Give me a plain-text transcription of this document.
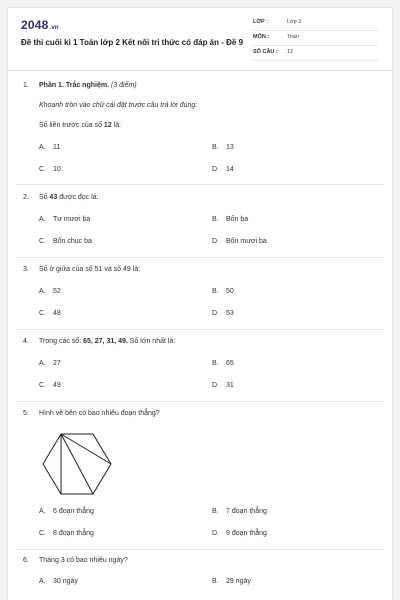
2048.vn
Đề thi cuối kì 1 Toán lớp 2 Kết nối tri thức có đáp án - Đề 9
LỚP :	Lớp 2
MÔN :	Toán
SỐ CÂU : 12
1. Phần 1. Trắc nghiệm. (3 điểm)
Khoanh tròn vào chữ cái đặt trước câu trả lời đúng:
Số liền trước của số 12 là:
A. 11	B. 13
C. 10	D. 14
2. Số 43 được đọc là:
A. Tư mươi ba	B. Bốn ba
C. Bốn chục ba	D. Bốn mươi ba
3. Số ở giữa của số 51 và số 49 là:
A. 52	B. 50
C. 48	D. 53
4. Trong các số: 65, 27, 31, 49. Số lớn nhất là:
A. 27	B. 65
C. 49	D. 31
5. Hình vẽ bên có bao nhiêu đoạn thẳng?
A. 6 đoạn thẳng	B. 7 đoạn thẳng
C. 8 đoạn thẳng	D. 9 đoạn thẳng
6. Tháng 3 có bao nhiêu ngày?
A. 30 ngày	B. 29 ngày
